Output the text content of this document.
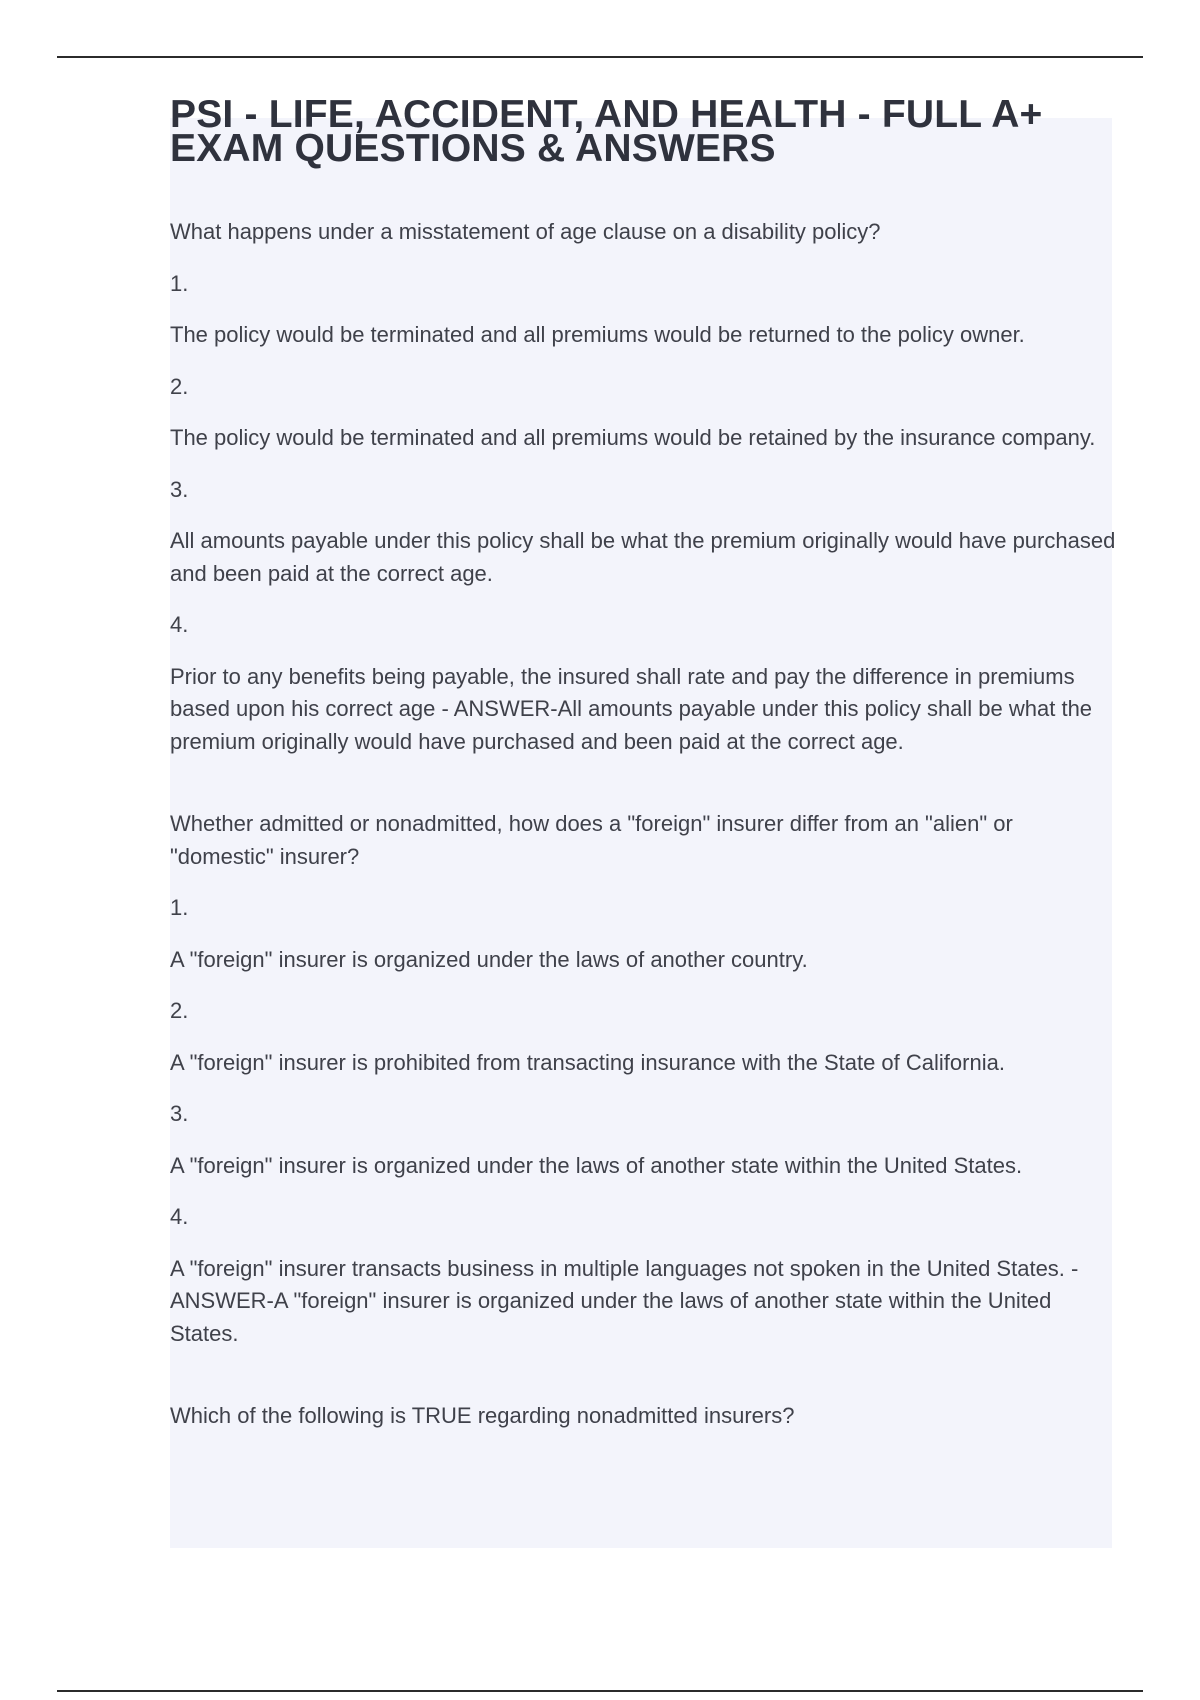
PSI - LIFE, ACCIDENT, AND HEALTH - FULL A+ EXAM QUESTIONS & ANSWERS

What happens under a misstatement of age clause on a disability policy?

1.

The policy would be terminated and all premiums would be returned to the policy owner.

2.

The policy would be terminated and all premiums would be retained by the insurance company.

3.

All amounts payable under this policy shall be what the premium originally would have purchased and been paid at the correct age.

4.

Prior to any benefits being payable, the insured shall rate and pay the difference in premiums based upon his correct age - ANSWER-All amounts payable under this policy shall be what the premium originally would have purchased and been paid at the correct age.

Whether admitted or nonadmitted, how does a "foreign" insurer differ from an "alien" or "domestic" insurer?

1.

A "foreign" insurer is organized under the laws of another country.

2.

A "foreign" insurer is prohibited from transacting insurance with the State of California.

3.

A "foreign" insurer is organized under the laws of another state within the United States.

4.

A "foreign" insurer transacts business in multiple languages not spoken in the United States. - ANSWER-A "foreign" insurer is organized under the laws of another state within the United States.

Which of the following is TRUE regarding nonadmitted insurers?
